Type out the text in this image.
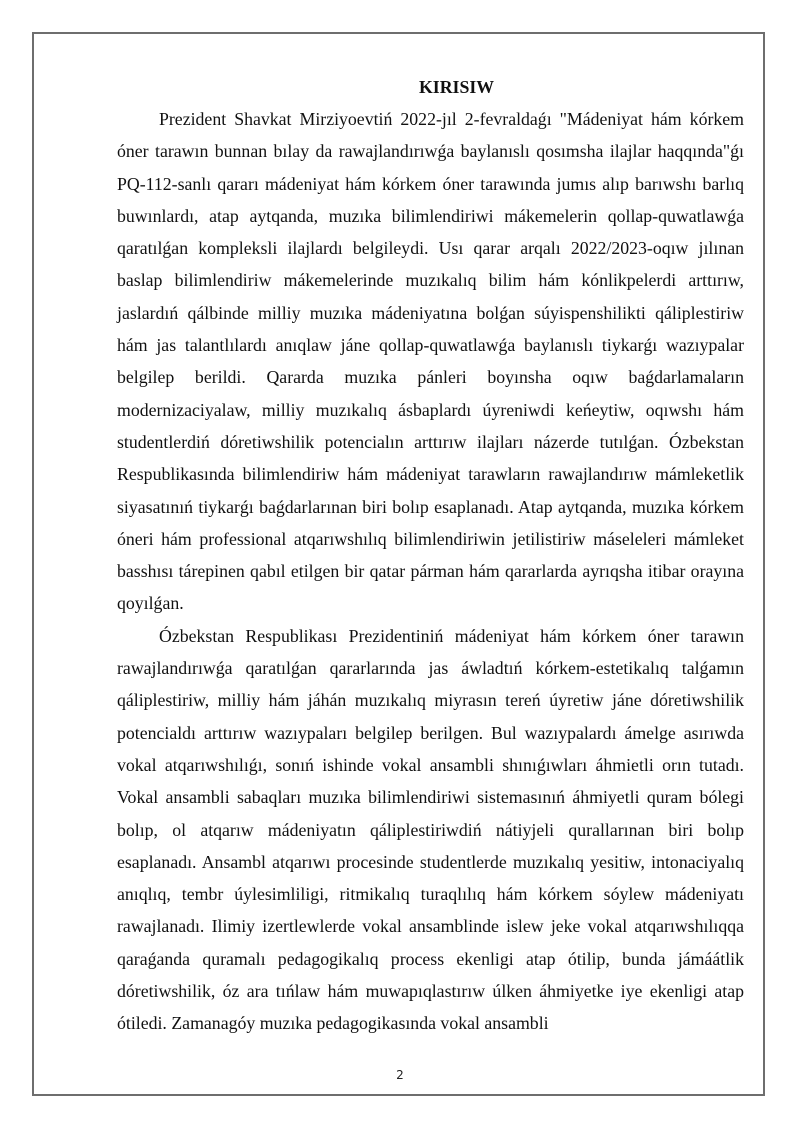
KIRISIW

Prezident Shavkat Mirziyoevtiń 2022-jıl 2-fevraldaǵı "Mádeniyat hám kórkem óner tarawın bunnan bılay da rawajlandırıwǵa baylanıslı qosımsha ilajlar haqqında"ǵı PQ-112-sanlı qararı mádeniyat hám kórkem óner tarawında jumıs alıp barıwshı barlıq buwınlardı, atap aytqanda, muzıka bilimlendiriwi mákemelerin qollap-quwatlawǵa qaratılǵan kompleksli ilajlardı belgileydi. Usı qarar arqalı 2022/2023-oqıw jılınan baslap bilimlendiriw mákemelerinde muzıkalıq bilim hám kónlikpelerdi arttırıw, jaslardıń qálbinde milliy muzıka mádeniyatına bolǵan súyispenshilikti qáliplestiriw hám jas talantlılardı anıqlaw jáne qollap-quwatlawǵa baylanıslı tiykarǵı wazıypalar belgilep berildi. Qararda muzıka pánleri boyınsha oqıw baǵdarlamaların modernizaciyalaw, milliy muzıkalıq ásbaplardı úyreniwdi keńeytiw, oqıwshı hám studentlerdiń dóretiwshilik potencialın arttırıw ilajları názerde tutılǵan. Ózbekstan Respublikasında bilimlendiriw hám mádeniyat tarawların rawajlandırıw mámleketlik siyasatınıń tiykarǵı baǵdarlarınan biri bolıp esaplanadı. Atap aytqanda, muzıka kórkem óneri hám professional atqarıwshılıq bilimlendiriwin jetilistiriw máseleleri mámleket basshısı tárepinen qabıl etilgen bir qatar párman hám qararlarda ayrıqsha itibar orayına qoyılǵan.

Ózbekstan Respublikası Prezidentiniń mádeniyat hám kórkem óner tarawın rawajlandırıwǵa qaratılǵan qararlarında jas áwladtıń kórkem-estetikalıq talǵamın qáliplestiriw, milliy hám jáhán muzıkalıq miyrasın tereń úyretiw jáne dóretiwshilik potencialdı arttırıw wazıypaları belgilep berilgen. Bul wazıypalardı ámelge asırıwda vokal atqarıwshılıǵı, sonıń ishinde vokal ansambli shınıǵıwları áhmietli orın tutadı. Vokal ansambli sabaqları muzıka bilimlendiriwi sistemasınıń áhmiyetli quram bólegi bolıp, ol atqarıw mádeniyatın qáliplestiriwdiń nátiyjeli qurallarınan biri bolıp esaplanadı. Ansambl atqarıwı procesinde studentlerde muzıkalıq yesitiw, intonaciyalıq anıqlıq, tembr úylesimliligi, ritmikalıq turaqlılıq hám kórkem sóylew mádeniyatı rawajlanadı. Ilimiy izertlewlerde vokal ansamblinde islew jeke vokal atqarıwshılıqqa qaraǵanda quramalı pedagogikalıq process ekenligi atap ótilip, bunda jámáátlik dóretiwshilik, óz ara tıńlaw hám muwapıqlastırıw úlken áhmiyetke iye ekenligi atap ótiledi. Zamanagóy muzıka pedagogikasında vokal ansambli

2
